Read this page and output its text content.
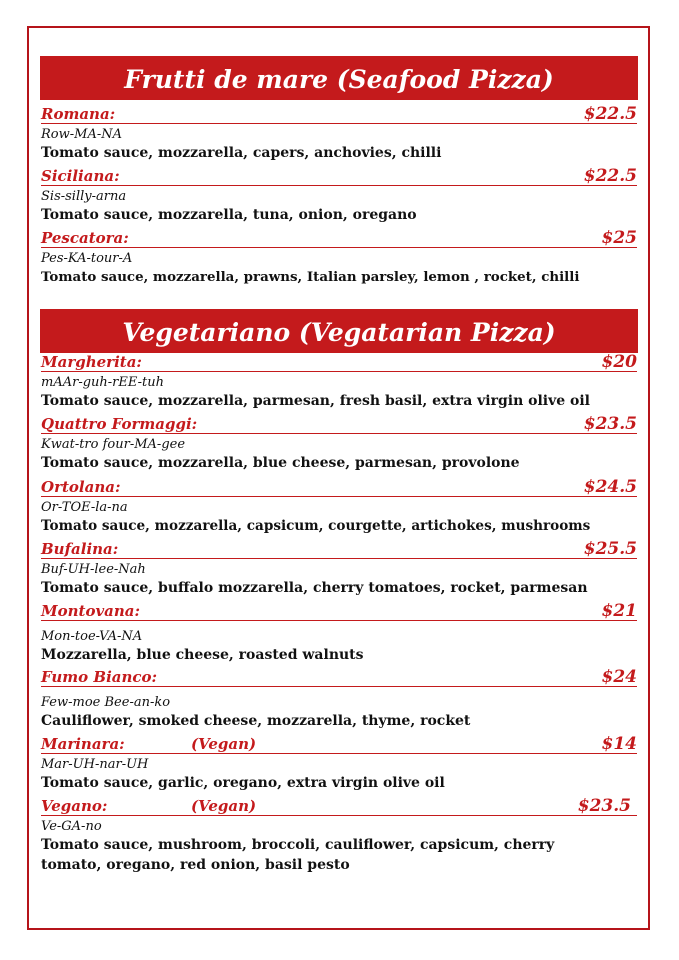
Frutti de mare (Seafood Pizza)
Romana:	$22.5
Row-MA-NA
Tomato sauce, mozzarella, capers, anchovies, chilli
Siciliana:	$22.5
Sis-silly-arna
Tomato sauce, mozzarella, tuna, onion, oregano
Pescatora:	$25
Pes-KA-tour-A
Tomato sauce, mozzarella, prawns, Italian parsley, lemon , rocket, chilli
Vegetariano (Vegatarian Pizza)
Margherita:	$20
mAAr-guh-rEE-tuh
Tomato sauce, mozzarella, parmesan, fresh basil, extra virgin olive oil
Quattro Formaggi:	$23.5
Kwat-tro four-MA-gee
Tomato sauce, mozzarella, blue cheese, parmesan, provolone
Ortolana:	$24.5
Or-TOE-la-na
Tomato sauce, mozzarella, capsicum, courgette, artichokes, mushrooms
Bufalina:	$25.5
Buf-UH-lee-Nah
Tomato sauce, buffalo mozzarella, cherry tomatoes, rocket, parmesan
Montovana:	$21
Mon-toe-VA-NA
Mozzarella, blue cheese, roasted walnuts
Fumo Bianco:	$24
Few-moe Bee-an-ko
Cauliflower, smoked cheese, mozzarella, thyme, rocket
Marinara:	(Vegan)	$14
Mar-UH-nar-UH
Tomato sauce, garlic, oregano, extra virgin olive oil
Vegano:	(Vegan)	$23.5
Ve-GA-no
Tomato sauce, mushroom, broccoli, cauliflower, capsicum, cherry tomato, oregano, red onion, basil pesto
